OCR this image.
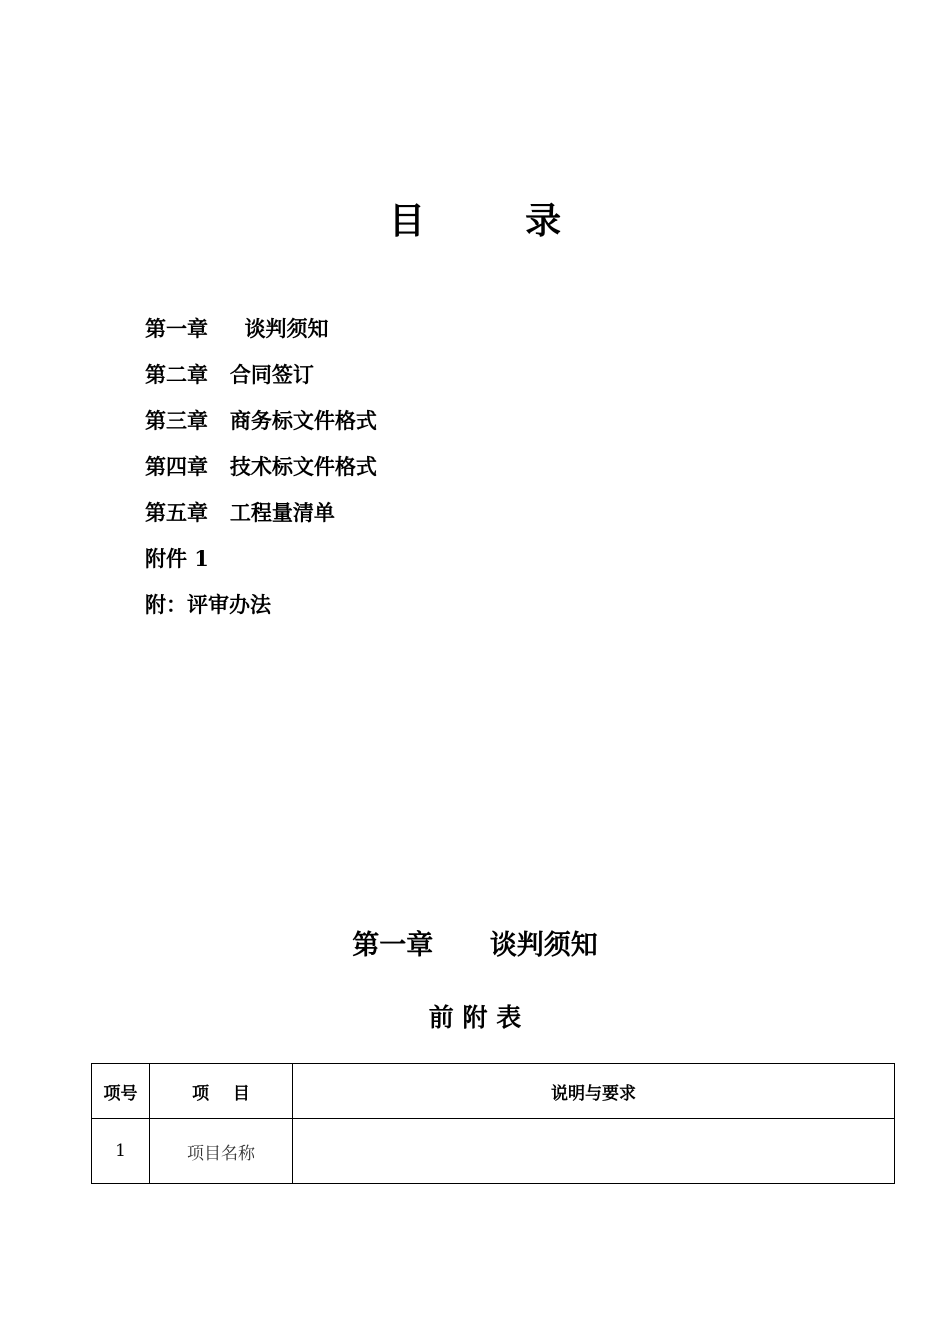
目        录
第一章     谈判须知
第二章   合同签订
第三章   商务标文件格式
第四章   技术标文件格式
第五章   工程量清单
附件 1
附：评审办法
第一章      谈判须知
前 附 表
项号	项    目	说明与要求
1	项目名称	
